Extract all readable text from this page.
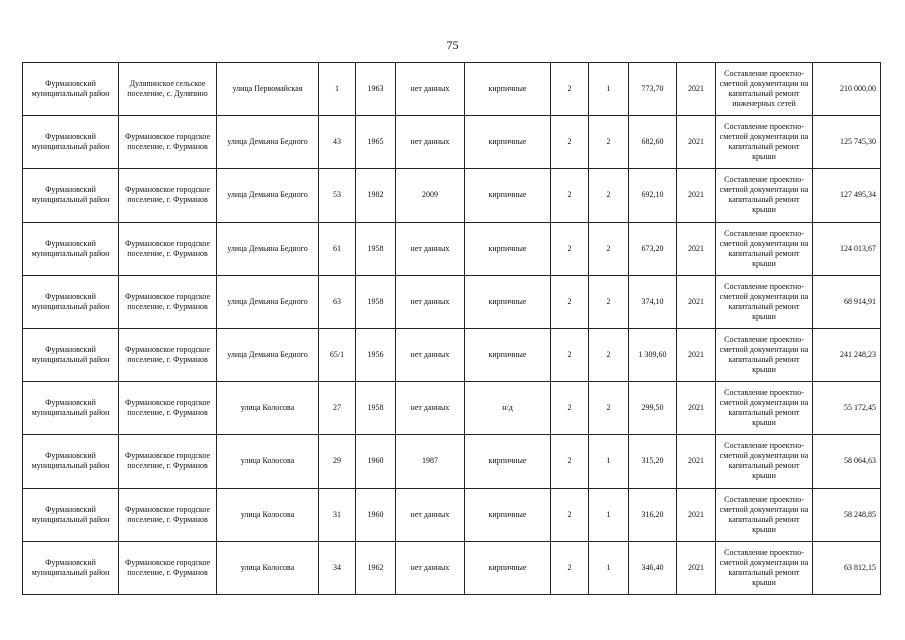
75
Фурмановский муниципальный район	Дуляпинское сельское поселение, с. Дуляпино	улица Первомайская	1	1963	нет данных	кирпичные	2	1	773,70	2021	Составление проектно-сметной документации на капитальный ремонт инженерных сетей	210 000,00
Фурмановский муниципальный район	Фурмановское городское поселение, г. Фурманов	улица Демьяна Бедного	43	1965	нет данных	кирпичные	2	2	682,60	2021	Составление проектно-сметной документации на капитальный ремонт крыши	125 745,30
Фурмановский муниципальный район	Фурмановское городское поселение, г. Фурманов	улица Демьяна Бедного	53	1982	2009	кирпичные	2	2	692,10	2021	Составление проектно-сметной документации на капитальный ремонт крыши	127 495,34
Фурмановский муниципальный район	Фурмановское городское поселение, г. Фурманов	улица Демьяна Бедного	61	1958	нет данных	кирпичные	2	2	673,20	2021	Составление проектно-сметной документации на капитальный ремонт крыши	124 013,67
Фурмановский муниципальный район	Фурмановское городское поселение, г. Фурманов	улица Демьяна Бедного	63	1958	нет данных	кирпичные	2	2	374,10	2021	Составление проектно-сметной документации на капитальный ремонт крыши	68 914,91
Фурмановский муниципальный район	Фурмановское городское поселение, г. Фурманов	улица Демьяна Бедного	65/1	1956	нет данных	кирпичные	2	2	1 309,60	2021	Составление проектно-сметной документации на капитальный ремонт крыши	241 248,23
Фурмановский муниципальный район	Фурмановское городское поселение, г. Фурманов	улица Колосова	27	1958	нет данных	н/д	2	2	299,50	2021	Составление проектно-сметной документации на капитальный ремонт крыши	55 172,45
Фурмановский муниципальный район	Фурмановское городское поселение, г. Фурманов	улица Колосова	29	1960	1987	кирпичные	2	1	315,20	2021	Составление проектно-сметной документации на капитальный ремонт крыши	58 064,63
Фурмановский муниципальный район	Фурмановское городское поселение, г. Фурманов	улица Колосова	31	1960	нет данных	кирпичные	2	1	316,20	2021	Составление проектно-сметной документации на капитальный ремонт крыши	58 248,85
Фурмановский муниципальный район	Фурмановское городское поселение, г. Фурманов	улица Колосова	34	1962	нет данных	кирпичные	2	1	346,40	2021	Составление проектно-сметной документации на капитальный ремонт крыши	63 812,15
